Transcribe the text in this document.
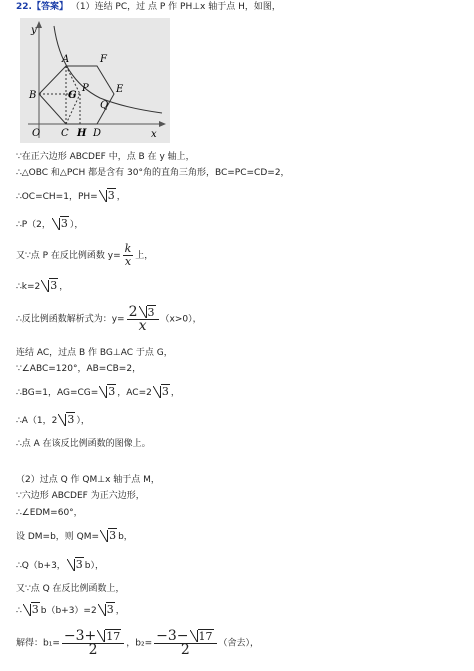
22.【答案】 （1）连结 PC，过 点 P 作 PH⊥x 轴于点 H，如图，
y
x
A	F
B	G
P
Q
E
O C H D
∵在正六边形 ABCDEF 中，点 B 在 y 轴上，
∴△OBC 和△PCH 都是含有 30°角的直角三角形，BC=PC=CD=2，
∴OC=CH=1，PH= 3 ，
∴P（2， 3 ），
又∵点 P 在反比例函数 $y= \frac{k}{x}$ 上，
∴k=2 3 ，
∴反比例函数解析式为：$y= \frac{2 3}{x} (x>0)$，
连结 AC，过点 B 作 BG⊥AC 于点 G，
∵∠ABC=120°，AB=CB=2，
∴BG=1，AG=CG= 3 ，AC=2 3 ，
∴A（1，2 3 ），
∴点 A 在该反比例函数的图像上。
（2）过点 Q 作 QM⊥x 轴于点 M，
∵六边形 ABCDEF 为正六边形，
∴∠EDM=60°，
设 DM=b，则 QM= 3 b，
∴Q（b+3， 3 b），
又∵点 Q 在反比例函数上，
∴ 3 b（b+3）=2 3 ，
解得：$b_1= \frac{-3+ 17}{2}$ ，$b_2= \frac{-3- 17}{2}$ （舍去），
